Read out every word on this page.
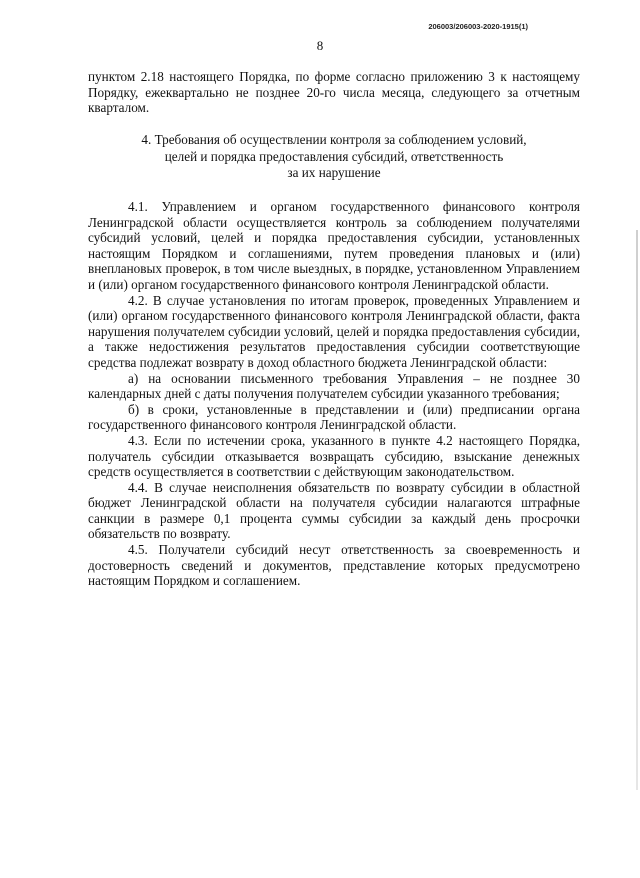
206003/206003-2020-1915(1)
8

пунктом 2.18 настоящего Порядка, по форме согласно приложению 3 к настоящему Порядку, ежеквартально не позднее 20-го числа месяца, следующего за отчетным кварталом.

4. Требования об осуществлении контроля за соблюдением условий,
целей и порядка предоставления субсидий, ответственность
за их нарушение

4.1. Управлением и органом государственного финансового контроля Ленинградской области осуществляется контроль за соблюдением получателями субсидий условий, целей и порядка предоставления субсидии, установленных настоящим Порядком и соглашениями, путем проведения плановых и (или) внеплановых проверок, в том числе выездных, в порядке, установленном Управлением и (или) органом государственного финансового контроля Ленинградской области.

4.2. В случае установления по итогам проверок, проведенных Управлением и (или) органом государственного финансового контроля Ленинградской области, факта нарушения получателем субсидии условий, целей и порядка предоставления субсидии, а также недостижения результатов предоставления субсидии соответствующие средства подлежат возврату в доход областного бюджета Ленинградской области:

а) на основании письменного требования Управления – не позднее 30 календарных дней с даты получения получателем субсидии указанного требования;

б) в сроки, установленные в представлении и (или) предписании органа государственного финансового контроля Ленинградской области.

4.3. Если по истечении срока, указанного в пункте 4.2 настоящего Порядка, получатель субсидии отказывается возвращать субсидию, взыскание денежных средств осуществляется в соответствии с действующим законодательством.

4.4. В случае неисполнения обязательств по возврату субсидии в областной бюджет Ленинградской области на получателя субсидии налагаются штрафные санкции в размере 0,1 процента суммы субсидии за каждый день просрочки обязательств по возврату.

4.5. Получатели субсидий несут ответственность за своевременность и достоверность сведений и документов, представление которых предусмотрено настоящим Порядком и соглашением.
